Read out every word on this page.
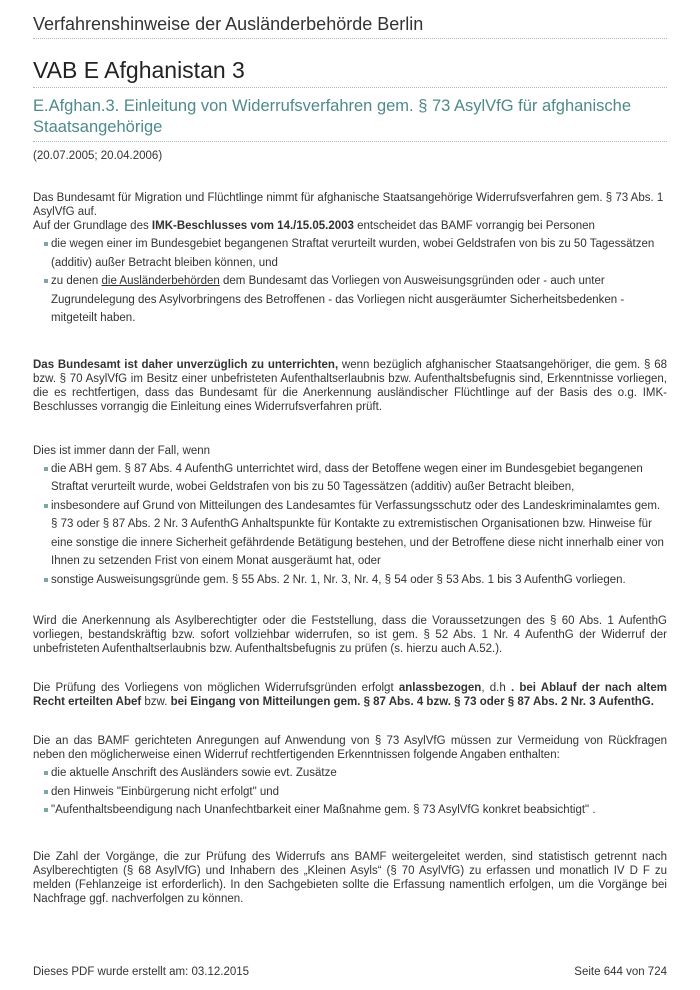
Verfahrenshinweise der Ausländerbehörde Berlin
VAB E Afghanistan 3
E.Afghan.3. Einleitung von Widerrufsverfahren gem. § 73 AsylVfG für afghanische Staatsangehörige
(20.07.2005; 20.04.2006)
Das Bundesamt für Migration und Flüchtlinge nimmt für afghanische Staatsangehörige Widerrufsverfahren gem. § 73 Abs. 1 AsylVfG auf.
Auf der Grundlage des IMK-Beschlusses vom 14./15.05.2003 entscheidet das BAMF vorrangig bei Personen
die wegen einer im Bundesgebiet begangenen Straftat verurteilt wurden, wobei Geldstrafen von bis zu 50 Tagessätzen (additiv) außer Betracht bleiben können, und
zu denen die Ausländerbehörden dem Bundesamt das Vorliegen von Ausweisungsgründen oder - auch unter Zugrundelegung des Asylvorbringens des Betroffenen - das Vorliegen nicht ausgeräumter Sicherheitsbedenken - mitgeteilt haben.
Das Bundesamt ist daher unverzüglich zu unterrichten, wenn bezüglich afghanischer Staatsangehöriger, die gem. § 68 bzw. § 70 AsylVfG im Besitz einer unbefristeten Aufenthaltserlaubnis bzw. Aufenthaltsbefugnis sind, Erkenntnisse vorliegen, die es rechtfertigen, dass das Bundesamt für die Anerkennung ausländischer Flüchtlinge auf der Basis des o.g. IMK-Beschlusses vorrangig die Einleitung eines Widerrufsverfahren prüft.
Dies ist immer dann der Fall, wenn
die ABH gem. § 87 Abs. 4 AufenthG unterrichtet wird, dass der Betoffene wegen einer im Bundesgebiet begangenen Straftat verurteilt wurde, wobei Geldstrafen von bis zu 50 Tagessätzen (additiv) außer Betracht bleiben,
insbesondere auf Grund von Mitteilungen des Landesamtes für Verfassungsschutz oder des Landeskriminalamtes gem. § 73 oder § 87 Abs. 2 Nr. 3 AufenthG Anhaltspunkte für Kontakte zu extremistischen Organisationen bzw. Hinweise für eine sonstige die innere Sicherheit gefährdende Betätigung bestehen, und der Betroffene diese nicht innerhalb einer von Ihnen zu setzenden Frist von einem Monat ausgeräumt hat, oder
sonstige Ausweisungsgründe gem. § 55 Abs. 2 Nr. 1, Nr. 3, Nr. 4, § 54 oder § 53 Abs. 1 bis 3 AufenthG vorliegen.
Wird die Anerkennung als Asylberechtigter oder die Feststellung, dass die Voraussetzungen des § 60 Abs. 1 AufenthG vorliegen, bestandskräftig bzw. sofort vollziehbar widerrufen, so ist gem. § 52 Abs. 1 Nr. 4 AufenthG der Widerruf der unbefristeten Aufenthaltserlaubnis bzw. Aufenthaltsbefugnis zu prüfen (s. hierzu auch A.52.).
Die Prüfung des Vorliegens von möglichen Widerrufsgründen erfolgt anlassbezogen, d.h . bei Ablauf der nach altem Recht erteilten Abef bzw. bei Eingang von Mitteilungen gem. § 87 Abs. 4 bzw. § 73 oder § 87 Abs. 2 Nr. 3 AufenthG.
Die an das BAMF gerichteten Anregungen auf Anwendung von § 73 AsylVfG müssen zur Vermeidung von Rückfragen neben den möglicherweise einen Widerruf rechtfertigenden Erkenntnissen folgende Angaben enthalten:
die aktuelle Anschrift des Ausländers sowie evt. Zusätze
den Hinweis "Einbürgerung nicht erfolgt" und
"Aufenthaltsbeendigung nach Unanfechtbarkeit einer Maßnahme gem. § 73 AsylVfG konkret beabsichtigt" .
Die Zahl der Vorgänge, die zur Prüfung des Widerrufs ans BAMF weitergeleitet werden, sind statistisch getrennt nach Asylberechtigten (§ 68 AsylVfG) und Inhabern des „Kleinen Asyls“ (§ 70 AsylVfG) zu erfassen und monatlich IV D F zu melden (Fehlanzeige ist erforderlich). In den Sachgebieten sollte die Erfassung namentlich erfolgen, um die Vorgänge bei Nachfrage ggf. nachverfolgen zu können.
Dieses PDF wurde erstellt am: 03.12.2015	Seite 644 von 724
